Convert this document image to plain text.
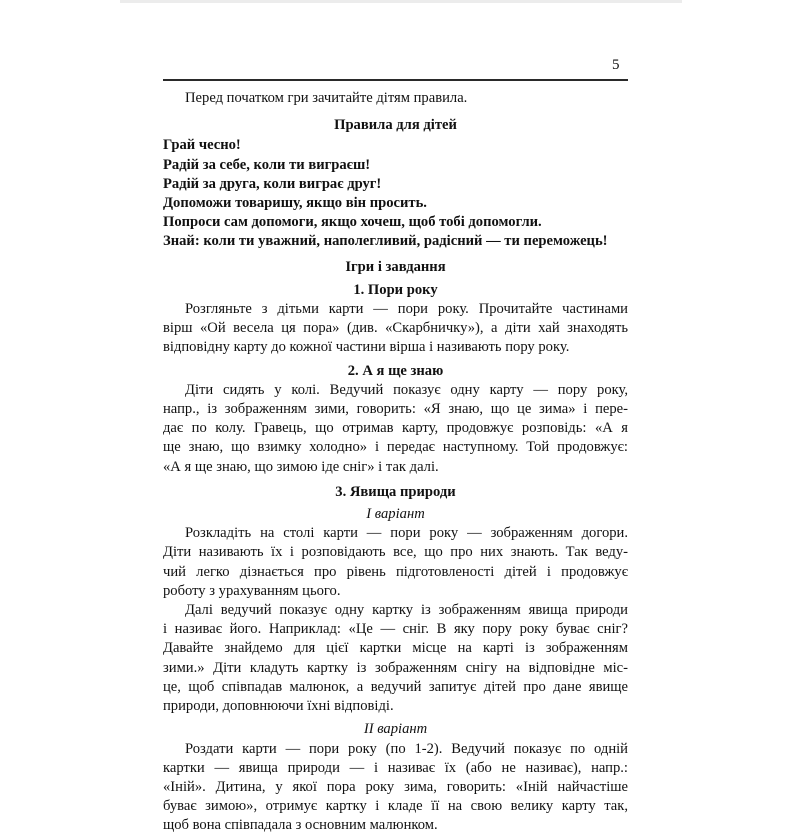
5

Перед початком гри зачитайте дітям правила.

Правила для дітей

Грай чесно!

Радій за себе, коли ти виграєш!

Радій за друга, коли виграє друг!

Допоможи товаришу, якщо він просить.

Попроси сам допомоги, якщо хочеш, щоб тобі допомогли.

Знай: коли ти уважний, наполегливий, радісний — ти переможець!

Ігри і завдання

1. Пори року

Розгляньте з дітьми карти — пори року. Прочитайте частинами

вірш «Ой весела ця пора» (див. «Скарбничку»), а діти хай знаходять

відповідну карту до кожної частини вірша і називають пору року.

2. А я ще знаю

Діти сидять у колі. Ведучий показує одну карту — пору року,

напр., із зображенням зими, говорить: «Я знаю, що це зима» і пере-

дає по колу. Гравець, що отримав карту, продовжує розповідь: «А я

ще знаю, що взимку холодно» і передає наступному. Той продовжує:

«А я ще знаю, що зимою іде сніг» і так далі.

3. Явища природи

І варіант

Розкладіть на столі карти — пори року — зображенням догори.

Діти називають їх і розповідають все, що про них знають. Так веду-

чий легко дізнається про рівень підготовленості дітей і продовжує

роботу з урахуванням цього.

Далі ведучий показує одну картку із зображенням явища природи

і називає його. Наприклад: «Це — сніг. В яку пору року буває сніг?

Давайте знайдемо для цієї картки місце на карті із зображенням

зими.» Діти кладуть картку із зображенням снігу на відповідне міс-

це, щоб співпадав малюнок, а ведучий запитує дітей про дане явище

природи, доповнюючи їхні відповіді.

ІІ варіант

Роздати карти — пори року (по 1-2). Ведучий показує по одній

картки — явища природи — і називає їх (або не називає), напр.:

«Іній». Дитина, у якої пора року зима, говорить: «Іній найчастіше

буває зимою», отримує картку і кладе її на свою велику карту так,

щоб вона співпадала з основним малюнком.
